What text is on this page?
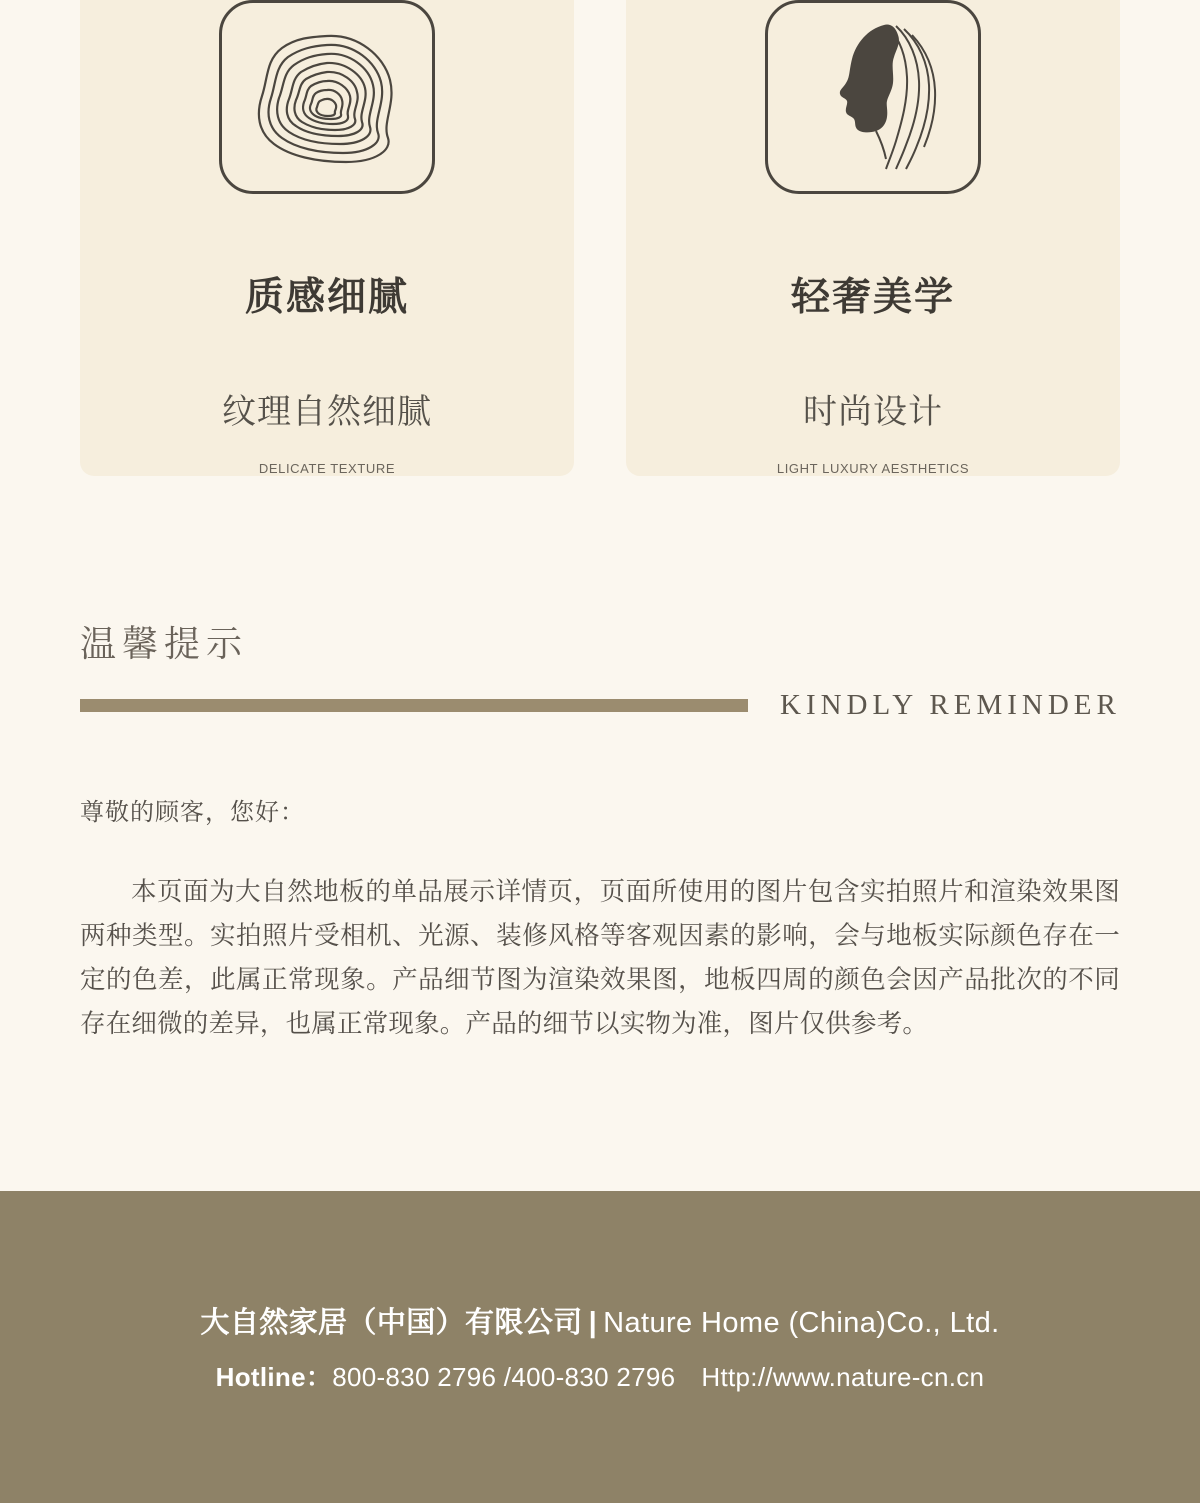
质感细腻
纹理自然细腻
DELICATE TEXTURE
轻奢美学
时尚设计
LIGHT LUXURY AESTHETICS
温馨提示
KINDLY REMINDER
尊敬的顾客，您好：

本页面为大自然地板的单品展示详情页，页面所使用的图片包含实拍照片和渲染效果图两种类型。实拍照片受相机、光源、装修风格等客观因素的影响，会与地板实际颜色存在一定的色差，此属正常现象。产品细节图为渲染效果图，地板四周的颜色会因产品批次的不同存在细微的差异，也属正常现象。产品的细节以实物为准，图片仅供参考。

大自然家居（中国）有限公司 | Nature Home (China)Co., Ltd.
Hotline：800-830 2796 /400-830 2796 Http://www.nature-cn.cn
